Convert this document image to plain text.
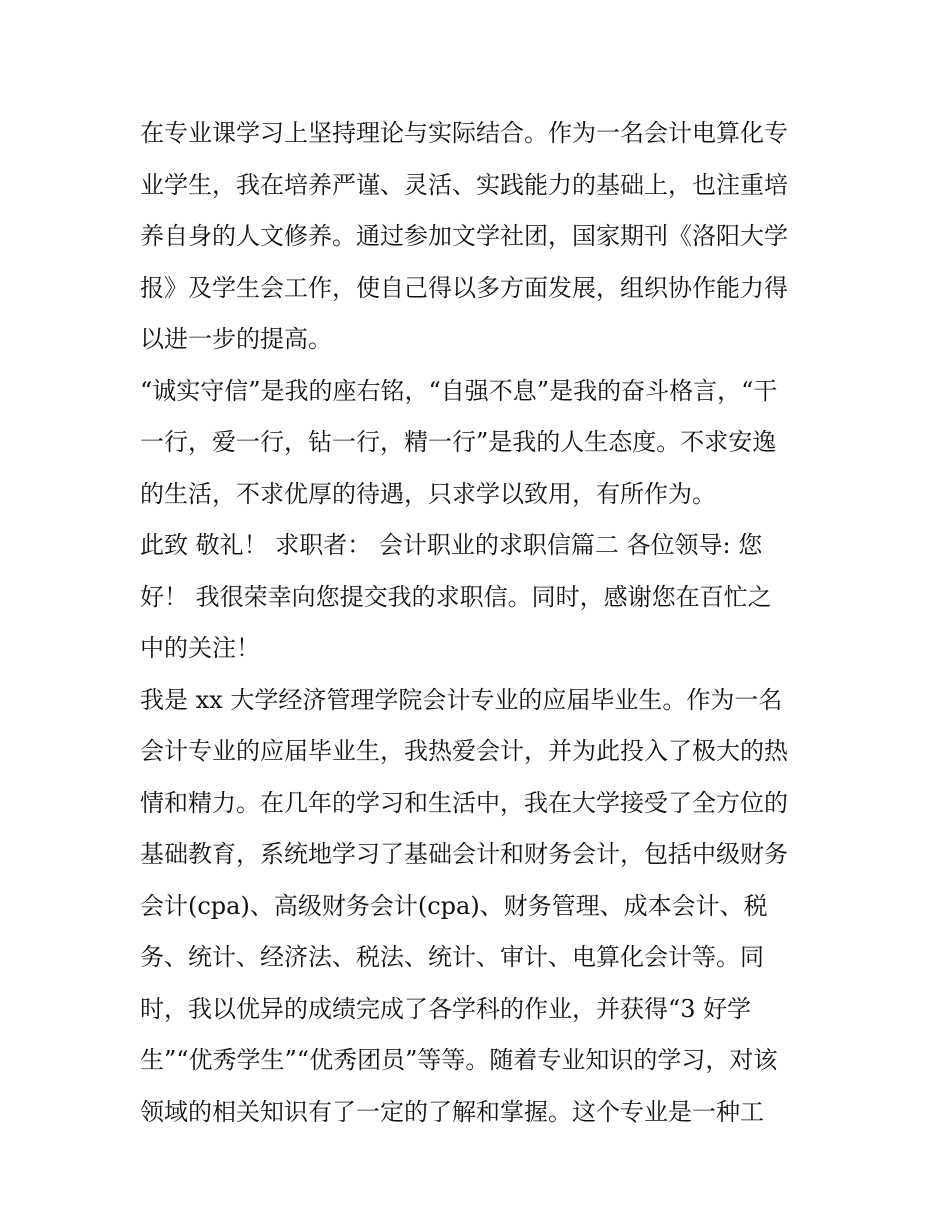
在专业课学习上坚持理论与实际结合。作为一名会计电算化专
业学生，我在培养严谨、灵活、实践能力的基础上，也注重培
养自身的人文修养。通过参加文学社团，国家期刊《洛阳大学
报》及学生会工作，使自己得以多方面发展，组织协作能力得
以进一步的提高。
“诚实守信”是我的座右铭，“自强不息”是我的奋斗格言，“干
一行，爱一行，钻一行，精一行”是我的人生态度。不求安逸
的生活，不求优厚的待遇，只求学以致用，有所作为。
此致 敬礼！ 求职者： 会计职业的求职信篇二 各位领导: 您
好！ 我很荣幸向您提交我的求职信。同时，感谢您在百忙之
中的关注！
我是 xx 大学经济管理学院会计专业的应届毕业生。作为一名
会计专业的应届毕业生，我热爱会计，并为此投入了极大的热
情和精力。在几年的学习和生活中，我在大学接受了全方位的
基础教育，系统地学习了基础会计和财务会计，包括中级财务
会计(cpa)、高级财务会计(cpa)、财务管理、成本会计、税
务、统计、经济法、税法、统计、审计、电算化会计等。同
时，我以优异的成绩完成了各学科的作业，并获得“3 好学
生”“优秀学生”“优秀团员”等等。随着专业知识的学习，对该
领域的相关知识有了一定的了解和掌握。这个专业是一种工
